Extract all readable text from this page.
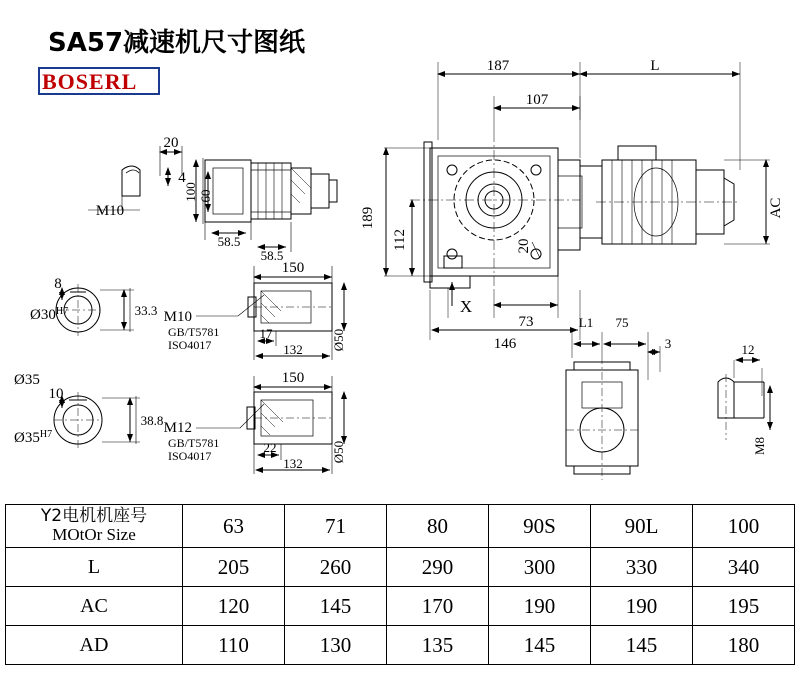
SA57减速机尺寸图纸
BOSERL
187	L
107
189
112
AC
20
73
146
X
20
4
M10
100 60
58.5
58.5
8
$Ø30^{H7}$	33.3
Ø35
10
$Ø35^{H7}$
38.8
150
17
132
M10
GB/T5781
ISO4017	Ø50
150
22
132
M12
GB/T5781
ISO4017	Ø50
L1 75
3	12
M8
Y2电机机座号
MOtOr Size	63	71	80	90S	90L	100
L	205	260	290	300	330	340
AC	120	145	170	190	190	195
AD	110	130	135	145	145	180
